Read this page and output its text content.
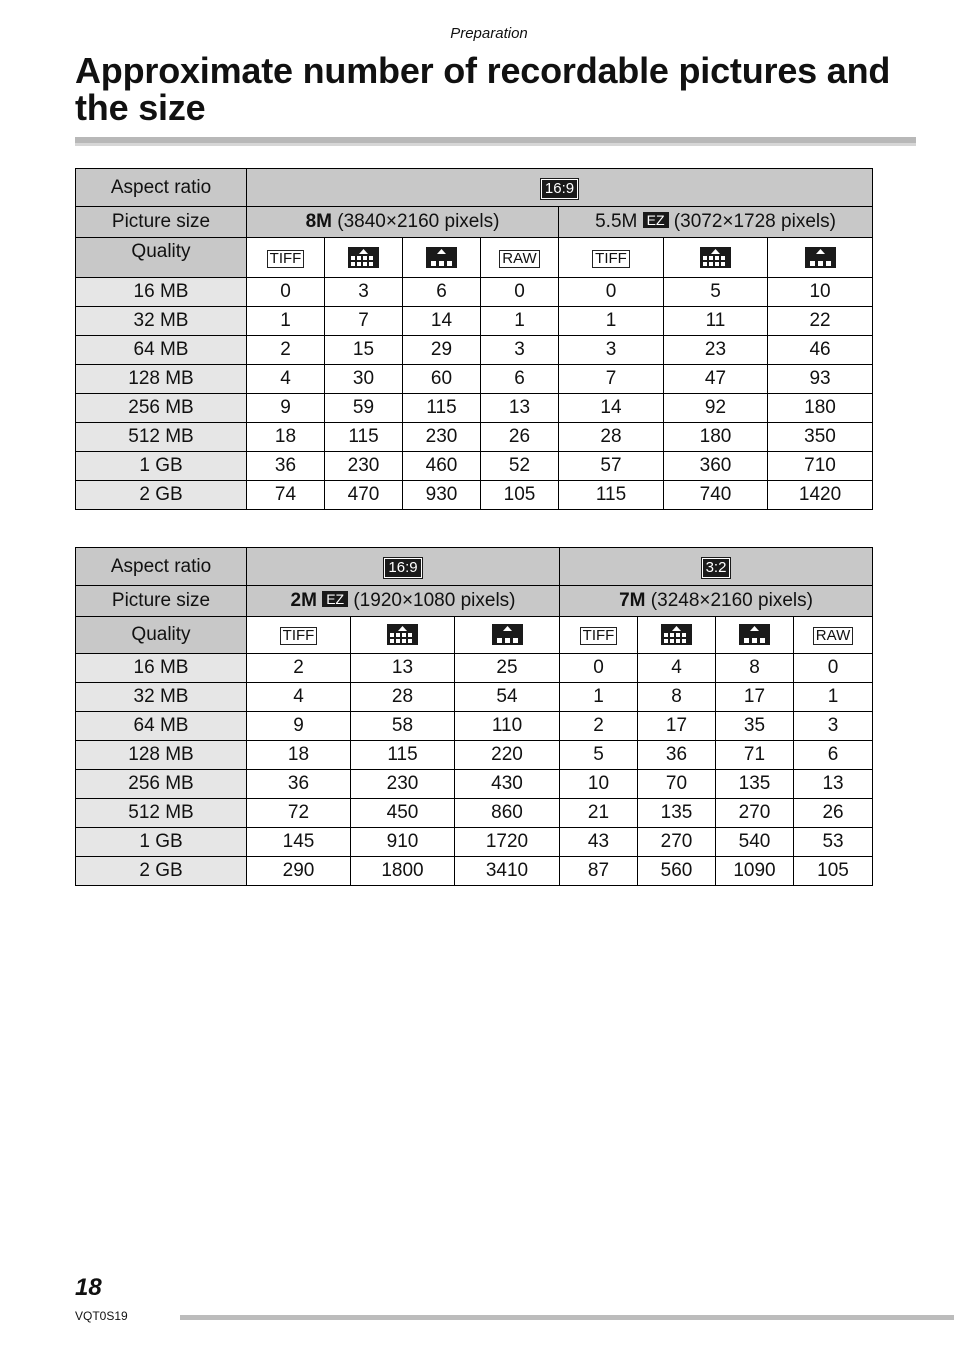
Preparation
Approximate number of recordable pictures and the size
Aspect ratio	16:9						
Picture size	8M (3840×2160 pixels)				5.5M EZ (3072×1728 pixels)		
Quality	TIFF			RAW	TIFF		
16 MB	0	3	6	0	0	5	10
32 MB	1	7	14	1	1	11	22
64 MB	2	15	29	3	3	23	46
128 MB	4	30	60	6	7	47	93
256 MB	9	59	115	13	14	92	180
512 MB	18	115	230	26	28	180	350
1 GB	36	230	460	52	57	360	710
2 GB	74	470	930	105	115	740	1420
Aspect ratio	16:9			3:2			
Picture size	2M EZ (1920×1080 pixels)			7M (3248×2160 pixels)			
Quality	TIFF			TIFF			RAW
16 MB	2	13	25	0	4	8	0
32 MB	4	28	54	1	8	17	1
64 MB	9	58	110	2	17	35	3
128 MB	18	115	220	5	36	71	6
256 MB	36	230	430	10	70	135	13
512 MB	72	450	860	21	135	270	26
1 GB	145	910	1720	43	270	540	53
2 GB	290	1800	3410	87	560	1090	105
18
VQT0S19
